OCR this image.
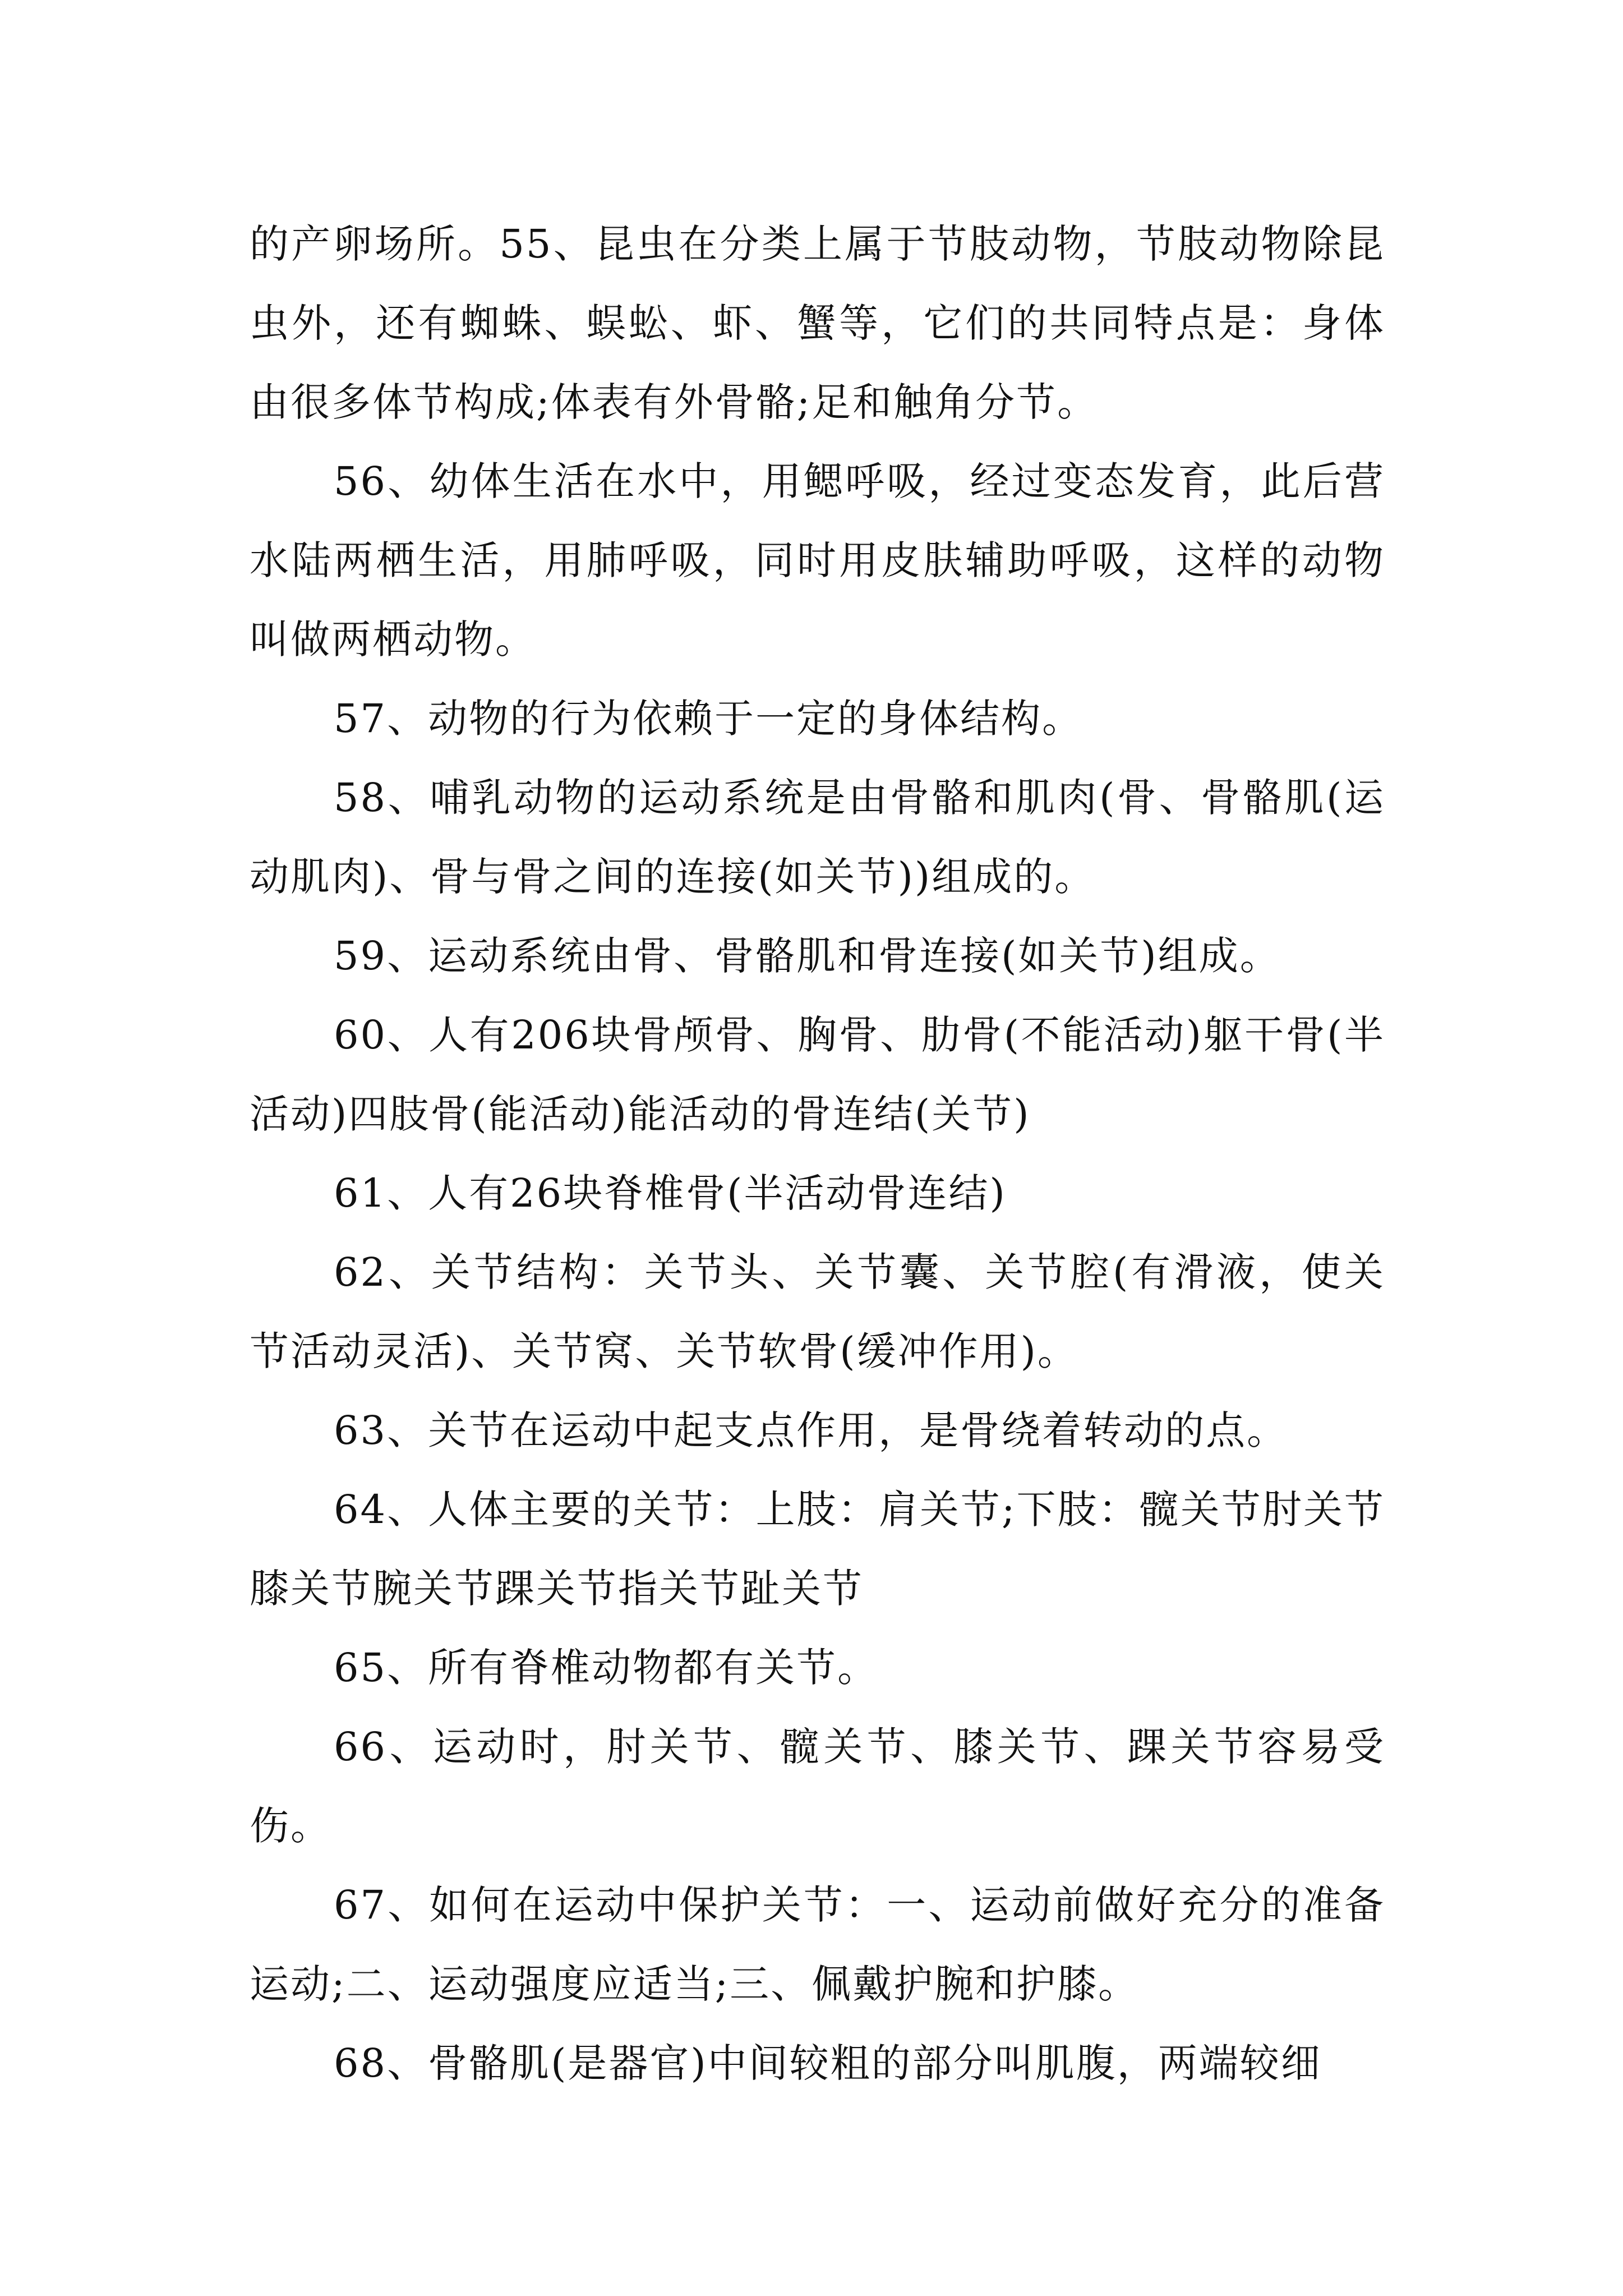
的产卵场所。55、昆虫在分类上属于节肢动物，节肢动物除昆虫外，还有蜘蛛、蜈蚣、虾、蟹等，它们的共同特点是：身体由很多体节构成;体表有外骨骼;足和触角分节。

56、幼体生活在水中，用鳃呼吸，经过变态发育，此后营水陆两栖生活，用肺呼吸，同时用皮肤辅助呼吸，这样的动物叫做两栖动物。

57、动物的行为依赖于一定的身体结构。

58、哺乳动物的运动系统是由骨骼和肌肉(骨、骨骼肌(运动肌肉)、骨与骨之间的连接(如关节))组成的。

59、运动系统由骨、骨骼肌和骨连接(如关节)组成。

60、人有206块骨颅骨、胸骨、肋骨(不能活动)躯干骨(半活动)四肢骨(能活动)能活动的骨连结(关节)

61、人有26块脊椎骨(半活动骨连结)

62、关节结构：关节头、关节囊、关节腔(有滑液，使关节活动灵活)、关节窝、关节软骨(缓冲作用)。

63、关节在运动中起支点作用，是骨绕着转动的点。

64、人体主要的关节：上肢：肩关节;下肢：髋关节肘关节膝关节腕关节踝关节指关节趾关节

65、所有脊椎动物都有关节。

66、运动时，肘关节、髋关节、膝关节、踝关节容易受伤。

67、如何在运动中保护关节：一、运动前做好充分的准备运动;二、运动强度应适当;三、佩戴护腕和护膝。

68、骨骼肌(是器官)中间较粗的部分叫肌腹，两端较细
